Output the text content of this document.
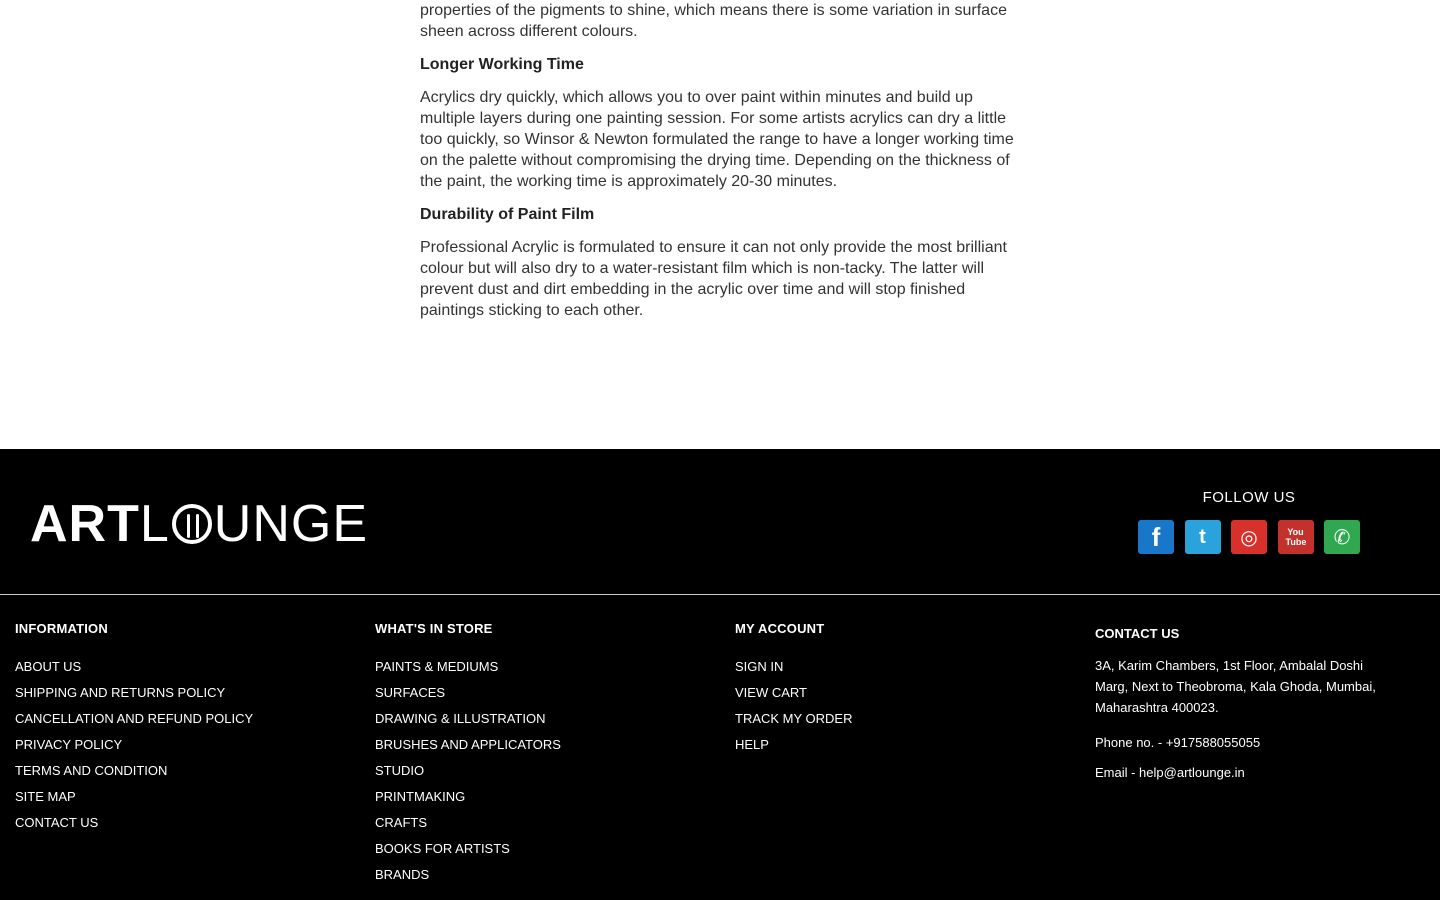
properties of the pigments to shine, which means there is some variation in surface
sheen across different colours.

Longer Working Time

Acrylics dry quickly, which allows you to over paint within minutes and build up multiple layers during one painting session. For some artists acrylics can dry a little too quickly, so Winsor & Newton formulated the range to have a longer working time on the palette without compromising the drying time. Depending on the thickness of the paint, the working time is approximately 20-30 minutes.

Durability of Paint Film

Professional Acrylic is formulated to ensure it can not only provide the most brilliant colour but will also dry to a water-resistant film which is non-tacky. The latter will prevent dust and dirt embedding in the acrylic over time and will stop finished paintings sticking to each other.

ART L UNGE	FOLLOW US
f t ◎	You Tube ✆
INFORMATION
ABOUT US
SHIPPING AND RETURNS POLICY
CANCELLATION AND REFUND POLICY
PRIVACY POLICY
TERMS AND CONDITION
SITE MAP
CONTACT US
WHAT'S IN STORE
PAINTS & MEDIUMS
SURFACES
DRAWING & ILLUSTRATION
BRUSHES AND APPLICATORS
STUDIO
PRINTMAKING
CRAFTS
BOOKS FOR ARTISTS
BRANDS
MY ACCOUNT
SIGN IN
VIEW CART
TRACK MY ORDER
HELP
CONTACT US
3A, Karim Chambers, 1st Floor, Ambalal Doshi Marg, Next to Theobroma, Kala Ghoda, Mumbai, Maharashtra 400023.
Phone no. - +917588055055
Email - help@artlounge.in
